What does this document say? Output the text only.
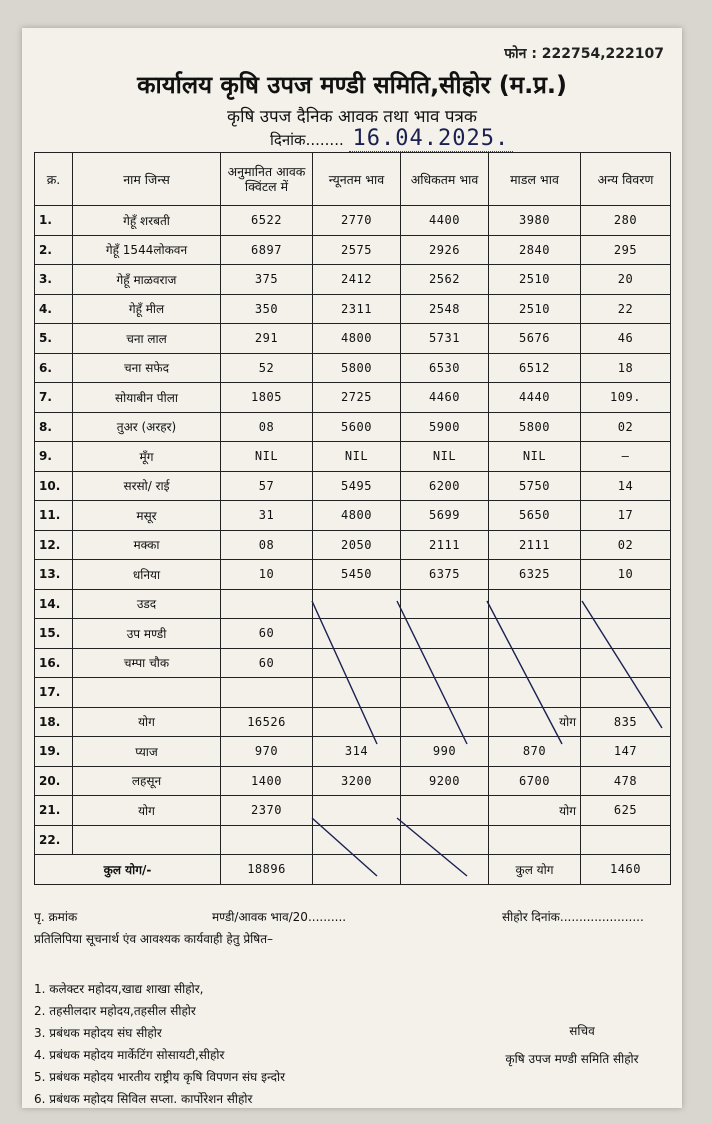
फोन : 222754,222107
कार्यालय कृषि उपज मण्डी समिति,सीहोर (म.प्र.)
कृषि उपज दैनिक आवक तथा भाव पत्रक
दिनांक........ 16.04.2025.
क्र.	नाम जिन्स	अनुमानित आवक क्विंटल में	न्यूनतम भाव	अधिकतम भाव	माडल भाव	अन्य विवरण
1.	गेहूँ शरबती	6522	2770	4400	3980	280
2.	गेहूँ 1544लोकवन	6897	2575	2926	2840	295
3.	गेहूँ माळवराज	375	2412	2562	2510	20
4.	गेहूँ मील	350	2311	2548	2510	22
5.	चना लाल	291	4800	5731	5676	46
6.	चना सफेद	52	5800	6530	6512	18
7.	सोयाबीन पीला	1805	2725	4460	4440	109.
8.	तुअर (अरहर)	08	5600	5900	5800	02
9.	मूँग	NIL	NIL	NIL	NIL	—
10.	सरसो/ राई	57	5495	6200	5750	14
11.	मसूर	31	4800	5699	5650	17
12.	मक्का	08	2050	2111	2111	02
13.	धनिया	10	5450	6375	6325	10
14.	उडद					
15.	उप मण्डी	60				
16.	चम्पा चौक	60				
17.						
18.	योग	16526			योग	835
19.	प्याज	970	314	990	870	147
20.	लहसून	1400	3200	9200	6700	478
21.	योग	2370			योग	625
22.						
कुल योग/-		18896			कुल योग	1460
पृ. क्रमांक	मण्डी/आवक भाव/20..........	सीहोर दिनांक......................
प्रतिलिपिया सूचनार्थ एंव आवश्यक कार्यवाही हेतु प्रेषित–
1. कलेक्टर महोदय,खाद्य शाखा सीहोर,
2. तहसीलदार महोदय,तहसील सीहोर
3. प्रबंधक महोदय संघ सीहोर
4. प्रबंधक महोदय मार्केटिंग सोसायटी,सीहोर
5. प्रबंधक महोदय भारतीय राष्ट्रीय कृषि विपणन संघ इन्दोर
6. प्रबंधक महोदय सिविल सप्ला. कार्पोरेशन सीहोर
सचिव
कृषि उपज मण्डी समिति सीहोर
